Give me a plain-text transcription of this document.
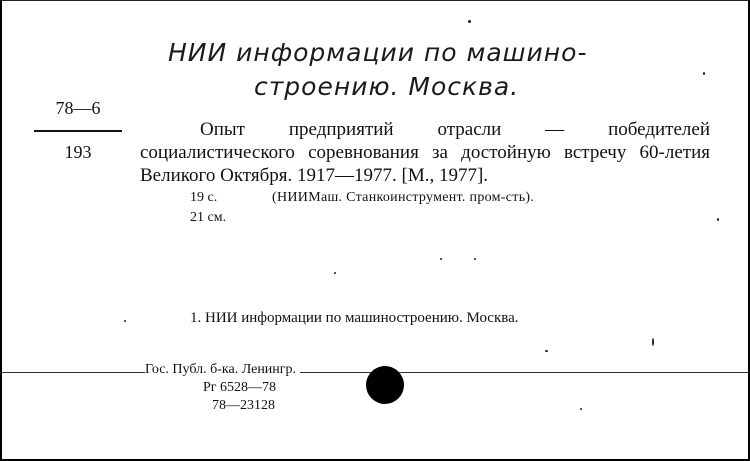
НИИ информации по машино-
строению. Москва.
78—6
193
Опыт предприятий отрасли — победителей социалистического соревнования за достойную встречу 60-летия Великого Октября. 1917—1977. [М., 1977].
19 с.	(НИИМаш. Станкоинструмент. пром-сть).
21 см.
1. НИИ информации по машиностроению. Москва.
Гос. Публ. б-ка. Ленингр.
Рг 6528—78
78—23128
